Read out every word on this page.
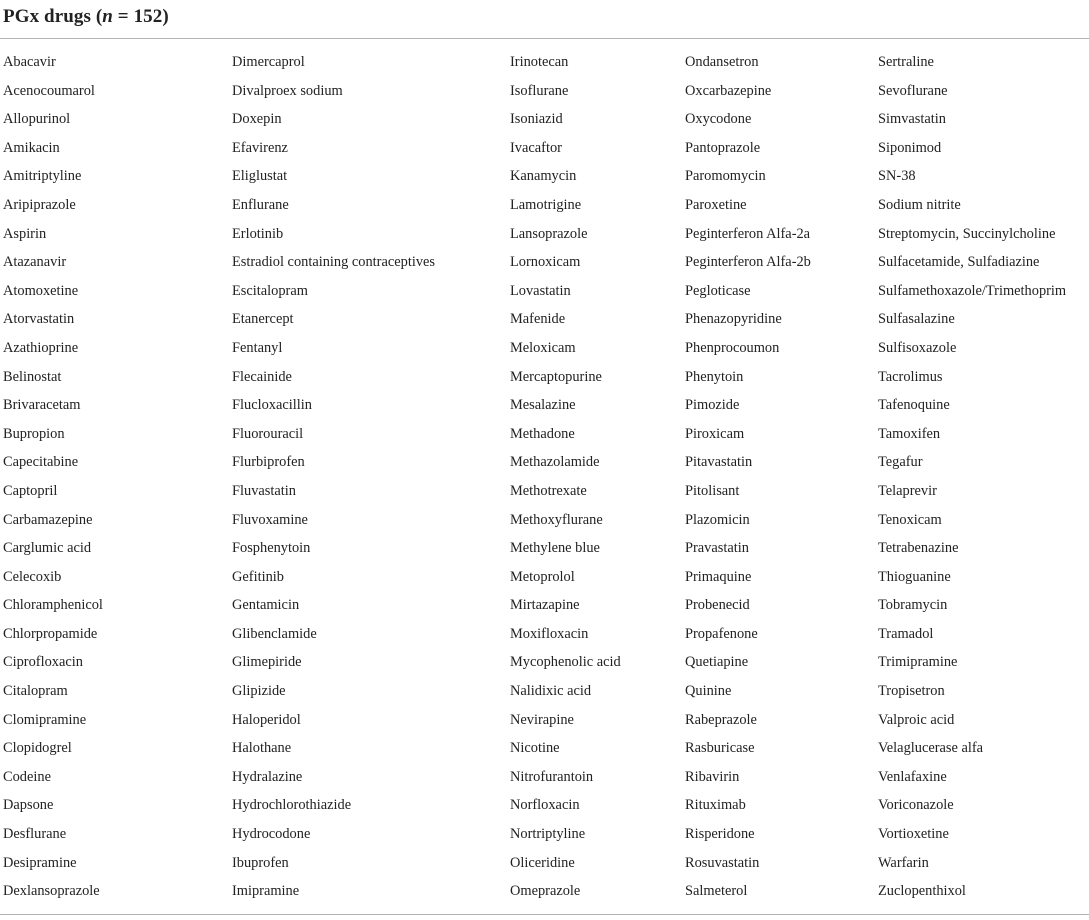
PGx drugs (n = 152)
Abacavir
Acenocoumarol
Allopurinol
Amikacin
Amitriptyline
Aripiprazole
Aspirin
Atazanavir
Atomoxetine
Atorvastatin
Azathioprine
Belinostat
Brivaracetam
Bupropion
Capecitabine
Captopril
Carbamazepine
Carglumic acid
Celecoxib
Chloramphenicol
Chlorpropamide
Ciprofloxacin
Citalopram
Clomipramine
Clopidogrel
Codeine
Dapsone
Desflurane
Desipramine
Dexlansoprazole
Dimercaprol
Divalproex sodium
Doxepin
Efavirenz
Eliglustat
Enflurane
Erlotinib
Estradiol containing contraceptives
Escitalopram
Etanercept
Fentanyl
Flecainide
Flucloxacillin
Fluorouracil
Flurbiprofen
Fluvastatin
Fluvoxamine
Fosphenytoin
Gefitinib
Gentamicin
Glibenclamide
Glimepiride
Glipizide
Haloperidol
Halothane
Hydralazine
Hydrochlorothiazide
Hydrocodone
Ibuprofen
Imipramine
Irinotecan
Isoflurane
Isoniazid
Ivacaftor
Kanamycin
Lamotrigine
Lansoprazole
Lornoxicam
Lovastatin
Mafenide
Meloxicam
Mercaptopurine
Mesalazine
Methadone
Methazolamide
Methotrexate
Methoxyflurane
Methylene blue
Metoprolol
Mirtazapine
Moxifloxacin
Mycophenolic acid
Nalidixic acid
Nevirapine
Nicotine
Nitrofurantoin
Norfloxacin
Nortriptyline
Oliceridine
Omeprazole
Ondansetron
Oxcarbazepine
Oxycodone
Pantoprazole
Paromomycin
Paroxetine
Peginterferon Alfa-2a
Peginterferon Alfa-2b
Pegloticase
Phenazopyridine
Phenprocoumon
Phenytoin
Pimozide
Piroxicam
Pitavastatin
Pitolisant
Plazomicin
Pravastatin
Primaquine
Probenecid
Propafenone
Quetiapine
Quinine
Rabeprazole
Rasburicase
Ribavirin
Rituximab
Risperidone
Rosuvastatin
Salmeterol
Sertraline
Sevoflurane
Simvastatin
Siponimod
SN-38
Sodium nitrite
Streptomycin, Succinylcholine
Sulfacetamide, Sulfadiazine
Sulfamethoxazole/Trimethoprim
Sulfasalazine
Sulfisoxazole
Tacrolimus
Tafenoquine
Tamoxifen
Tegafur
Telaprevir
Tenoxicam
Tetrabenazine
Thioguanine
Tobramycin
Tramadol
Trimipramine
Tropisetron
Valproic acid
Velaglucerase alfa
Venlafaxine
Voriconazole
Vortioxetine
Warfarin
Zuclopenthixol
